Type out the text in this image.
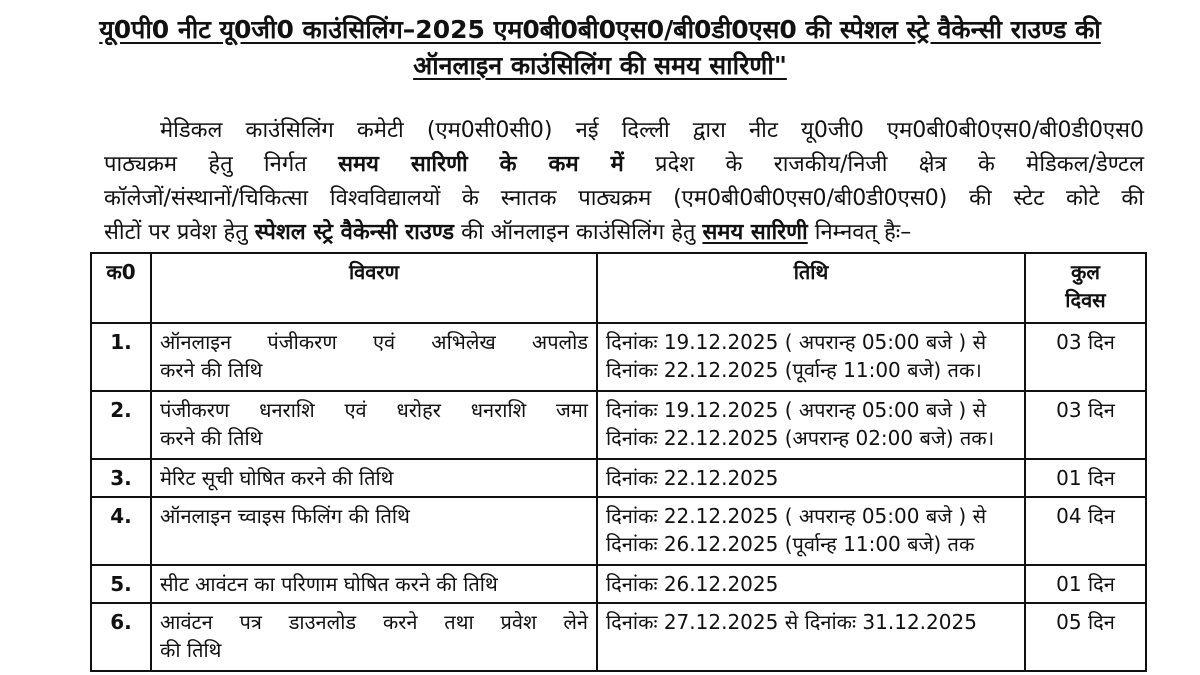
यू0पी0 नीट यू0जी0 काउंसिलिंग–2025 एम0बी0बी0एस0/बी0डी0एस0 की स्पेशल स्ट्रे वैकेन्सी राउण्ड की
ऑनलाइन काउंसिलिंग की समय सारिणी"
मेडिकल काउंसिलिंग कमेटी (एम0सी0सी0) नई दिल्ली द्वारा नीट यू0जी0 एम0बी0बी0एस0/बी0डी0एस0
पाठ्यक्रम हेतु निर्गत समय सारिणी के कम में प्रदेश के राजकीय/निजी क्षेत्र के मेडिकल/डेण्टल
कॉलेजों/संस्थानों/चिकित्सा विश्वविद्यालयों के स्नातक पाठ्यक्रम (एम0बी0बी0एस0/बी0डी0एस0) की स्टेट कोटे की
सीटों पर प्रवेश हेतु स्पेशल स्ट्रे वैकेन्सी राउण्ड की ऑनलाइन काउंसिलिंग हेतु समय सारिणी निम्नवत् हैः–
क0	विवरण	तिथि	कुल
दिवस

1.	ऑनलाइन पंजीकरण एवं अभिलेख अपलोड
करने की तिथि	दिनांकः 19.12.2025 ( अपरान्ह 05:00 बजे ) से
दिनांकः 22.12.2025 (पूर्वान्ह 11:00 बजे) तक।	03 दिन
2.	पंजीकरण धनराशि एवं धरोहर धनराशि जमा
करने की तिथि	दिनांकः 19.12.2025 ( अपरान्ह 05:00 बजे ) से
दिनांकः 22.12.2025 (अपरान्ह 02:00 बजे) तक।	03 दिन
3.	मेरिट सूची घोषित करने की तिथि	दिनांकः 22.12.2025	01 दिन
4.	ऑनलाइन च्वाइस फिलिंग की तिथि	दिनांकः 22.12.2025 ( अपरान्ह 05:00 बजे ) से
दिनांकः 26.12.2025 (पूर्वान्ह 11:00 बजे) तक	04 दिन
5.	सीट आवंटन का परिणाम घोषित करने की तिथि	दिनांकः 26.12.2025	01 दिन
6.	आवंटन पत्र डाउनलोड करने तथा प्रवेश लेने
की तिथि	दिनांकः 27.12.2025 से दिनांकः 31.12.2025	05 दिन
